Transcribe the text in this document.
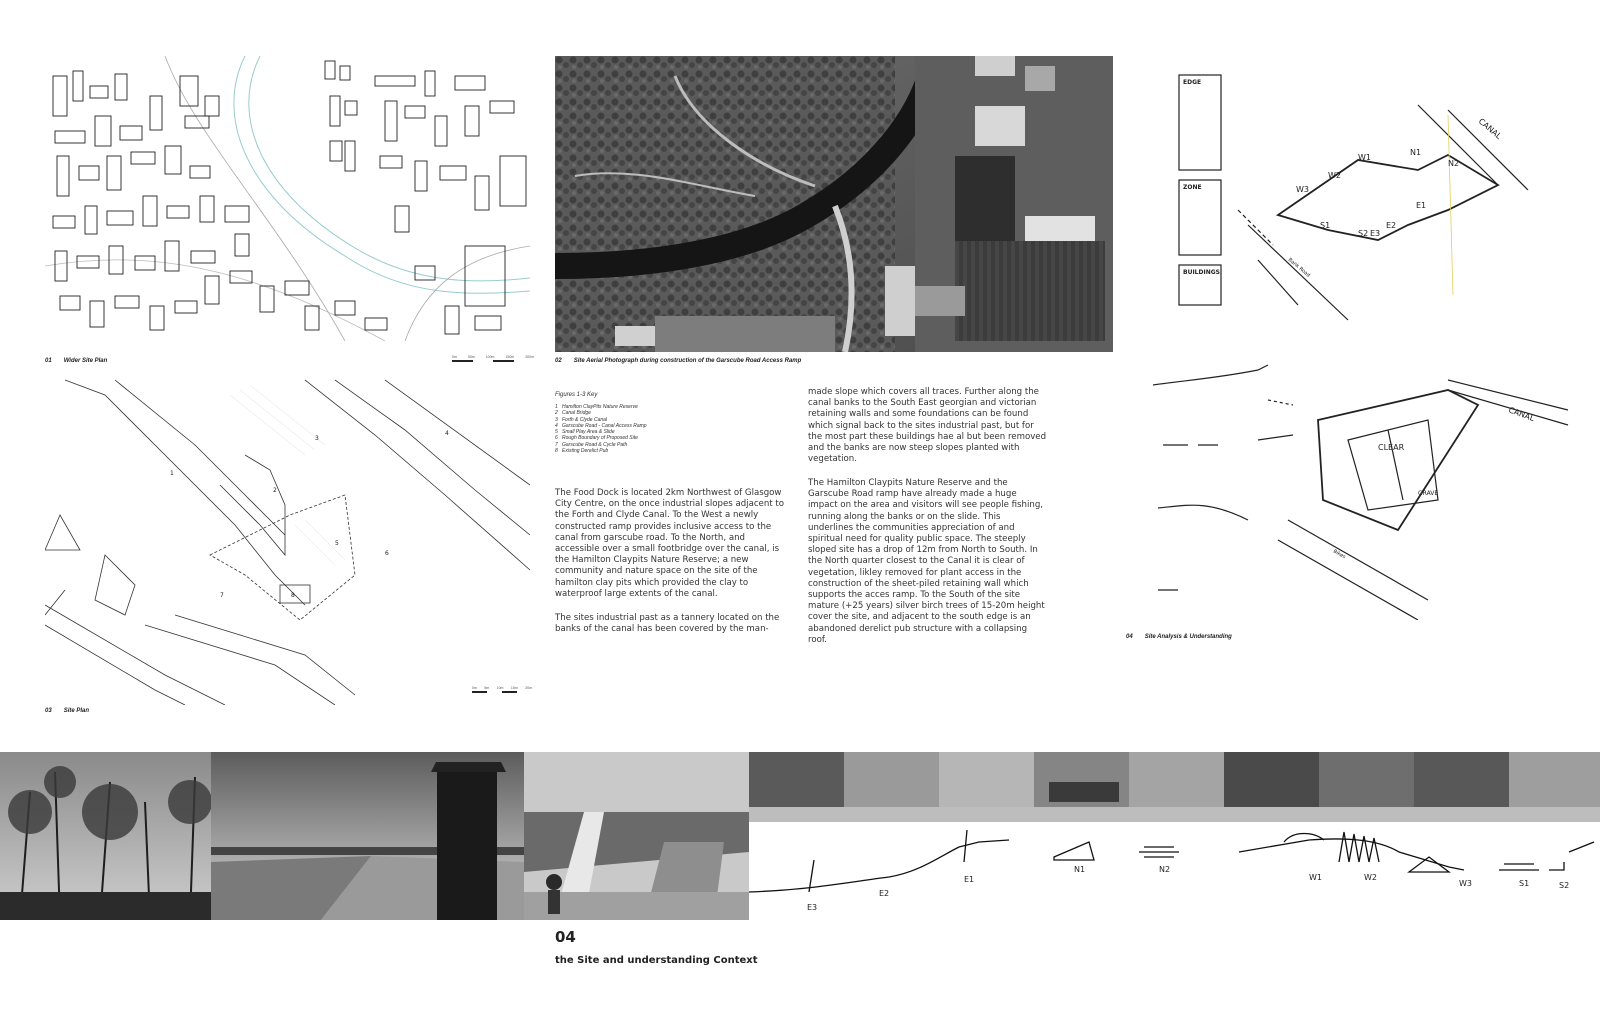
01 Wider Site Plan
0m	50m	100m	150m	200m
02 Site Aerial Photograph during construction of the Garscube Road Access Ramp
1
2
3
4
5
6
7	8
0m 5m 10m 15m 20m
03 Site Plan

Figures 1-3 Key

1 Hamilton ClayPits Nature Reserve
2 Canal Bridge
3 Forth & Clyde Canal
4 Garscube Road - Canal Access Ramp
5 Small Play Area & Slide
6 Rough Boundary of Proposed Site
7 Garscube Road & Cycle Path
8 Existing Derelict Pub

The Food Dock is located 2km Northwest of Glasgow City Centre, on the once industrial slopes adjacent to the Forth and Clyde Canal. To the West a newly constructed ramp provides inclusive access to the canal from garscube road. To the North, and accessible over a small footbridge over the canal, is the Hamilton Claypits Nature Reserve; a new community and nature space on the site of the hamilton clay pits which provided the clay to waterproof large extents of the canal.

The sites industrial past as a tannery located on the banks of the canal has been covered by the man-

made slope which covers all traces. Further along the canal banks to the South East georgian and victorian retaining walls and some foundations can be found which signal back to the sites industrial past, but for the most part these buildings hae al but been removed and the banks are now steep slopes planted with vegetation.

The Hamilton Claypits Nature Reserve and the Garscube Road ramp have already made a huge impact on the area and visitors will see people fishing, running along the banks or on the slide. This underlines the communities appreciation of and spiritual need for quality public space. The steeply sloped site has a drop of 12m from North to South. In the North quarter closest to the Canal it is clear of vegetation, likley removed for plant access in the construction of the sheet-piled retaining wall which supports the acces ramp. To the South of the site mature (+25 years) silver birch trees of 15-20m height cover the site, and adjacent to the south edge is an abandoned derelict pub structure with a collapsing roof.

EDGE
ZONE
BUILDINGS
N1
N2
W1
W2
W3
E1
E2
S1
S2 E3
CANAL
Bank Road
CLEAR
CANAL
Bikes
GRAVE
04 Site Analysis & Understanding
E3
E2
E1
N1	N2
W1	W2
W3	S1	S2
04
the Site and understanding Context
